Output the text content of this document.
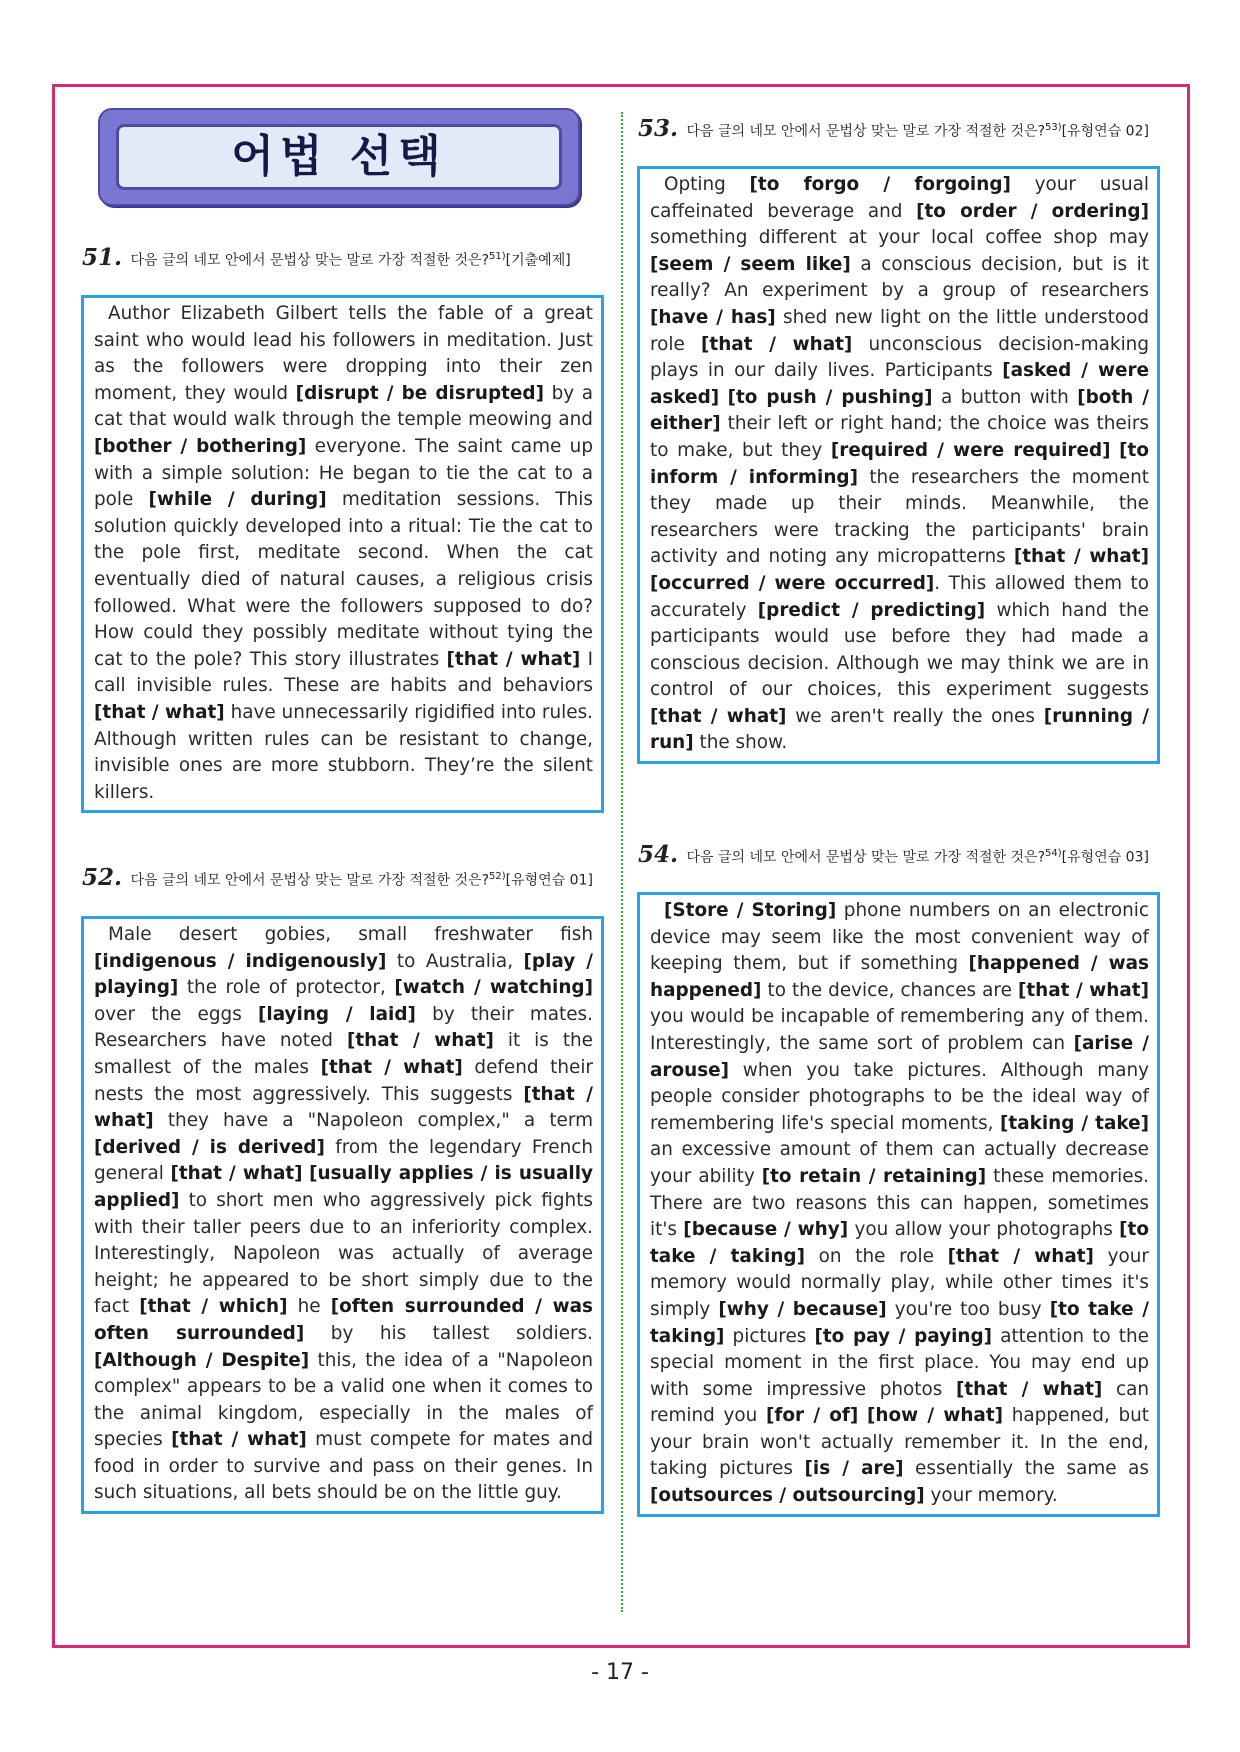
어법 선택
51. 다음 글의 네모 안에서 문법상 맞는 말로 가장 적절한 것은?$^{51)}$[기출예제]

Author Elizabeth Gilbert tells the fable of a great saint who would lead his followers in meditation. Just as the followers were dropping into their zen moment, they would [disrupt / be disrupted] by a cat that would walk through the temple meowing and [bother / bothering] everyone. The saint came up with a simple solution: He began to tie the cat to a pole [while / during] meditation sessions. This solution quickly developed into a ritual: Tie the cat to the pole first, meditate second. When the cat eventually died of natural causes, a religious crisis followed. What were the followers supposed to do? How could they possibly meditate without tying the cat to the pole? This story illustrates [that / what] I call invisible rules. These are habits and behaviors [that / what] have unnecessarily rigidified into rules. Although written rules can be resistant to change, invisible ones are more stubborn. They’re the silent killers.

52. 다음 글의 네모 안에서 문법상 맞는 말로 가장 적절한 것은?$^{52)}$[유형연습 01]

Male desert gobies, small freshwater fish [indigenous / indigenously] to Australia, [play / playing] the role of protector, [watch / watching] over the eggs [laying / laid] by their mates. Researchers have noted [that / what] it is the smallest of the males [that / what] defend their nests the most aggressively. This suggests [that / what] they have a "Napoleon complex," a term [derived / is derived] from the legendary French general [that / what] [usually applies / is usually applied] to short men who aggressively pick fights with their taller peers due to an inferiority complex. Interestingly, Napoleon was actually of average height; he appeared to be short simply due to the fact [that / which] he [often surrounded / was often surrounded] by his tallest soldiers. [Although / Despite] this, the idea of a "Napoleon complex" appears to be a valid one when it comes to the animal kingdom, especially in the males of species [that / what] must compete for mates and food in order to survive and pass on their genes. In such situations, all bets should be on the little guy.

53. 다음 글의 네모 안에서 문법상 맞는 말로 가장 적절한 것은?$^{53)}$[유형연습 02]

Opting [to forgo / forgoing] your usual caffeinated beverage and [to order / ordering] something different at your local coffee shop may [seem / seem like] a conscious decision, but is it really? An experiment by a group of researchers [have / has] shed new light on the little understood role [that / what] unconscious decision-making plays in our daily lives. Participants [asked / were asked] [to push / pushing] a button with [both / either] their left or right hand; the choice was theirs to make, but they [required / were required] [to inform / informing] the researchers the moment they made up their minds. Meanwhile, the researchers were tracking the participants' brain activity and noting any micropatterns [that / what] [occurred / were occurred]. This allowed them to accurately [predict / predicting] which hand the participants would use before they had made a conscious decision. Although we may think we are in control of our choices, this experiment suggests [that / what] we aren't really the ones [running / run] the show.

54. 다음 글의 네모 안에서 문법상 맞는 말로 가장 적절한 것은?$^{54)}$[유형연습 03]

[Store / Storing] phone numbers on an electronic device may seem like the most convenient way of keeping them, but if something [happened / was happened] to the device, chances are [that / what] you would be incapable of remembering any of them. Interestingly, the same sort of problem can [arise / arouse] when you take pictures. Although many people consider photographs to be the ideal way of remembering life's special moments, [taking / take] an excessive amount of them can actually decrease your ability [to retain / retaining] these memories. There are two reasons this can happen, sometimes it's [because / why] you allow your photographs [to take / taking] on the role [that / what] your memory would normally play, while other times it's simply [why / because] you're too busy [to take / taking] pictures [to pay / paying] attention to the special moment in the first place. You may end up with some impressive photos [that / what] can remind you [for / of] [how / what] happened, but your brain won't actually remember it. In the end, taking pictures [is / are] essentially the same as [outsources / outsourcing] your memory.

- 17 -
